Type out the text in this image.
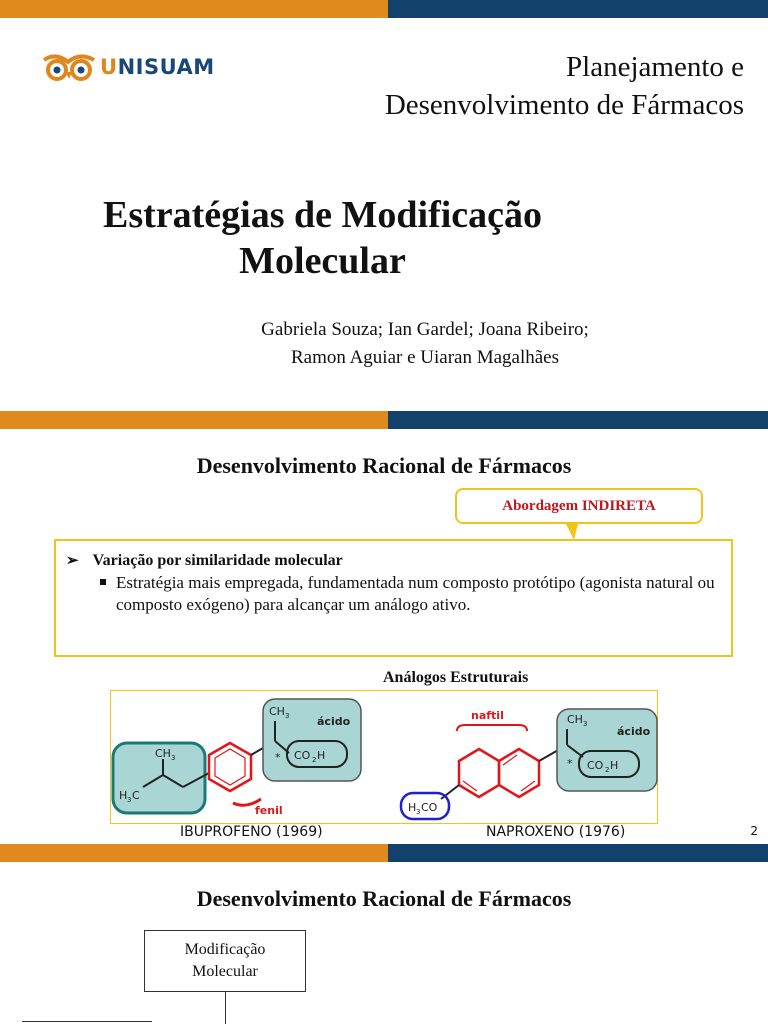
UNISUAM	Planejamento e
Desenvolvimento de Fármacos
Estratégias de Modificação
Molecular
Gabriela Souza; Ian Gardel; Joana Ribeiro;
Ramon Aguiar e Uiaran Magalhães
Desenvolvimento Racional de Fármacos
Abordagem INDIRETA
➢ Variação por similaridade molecular
Estratégia mais empregada, fundamentada num composto protótipo (agonista natural ou composto exógeno) para alcançar um análogo ativo.
Análogos Estruturais
CH 3
H 3 C
fenil
CH 3	ácido
* CO 2 H
naftil
H 3 CO
CH 3
ácido
* CO 2 H
IBUPROFENO (1969)	NAPROXENO (1976)	2
Desenvolvimento Racional de Fármacos
Modificação
Molecular
